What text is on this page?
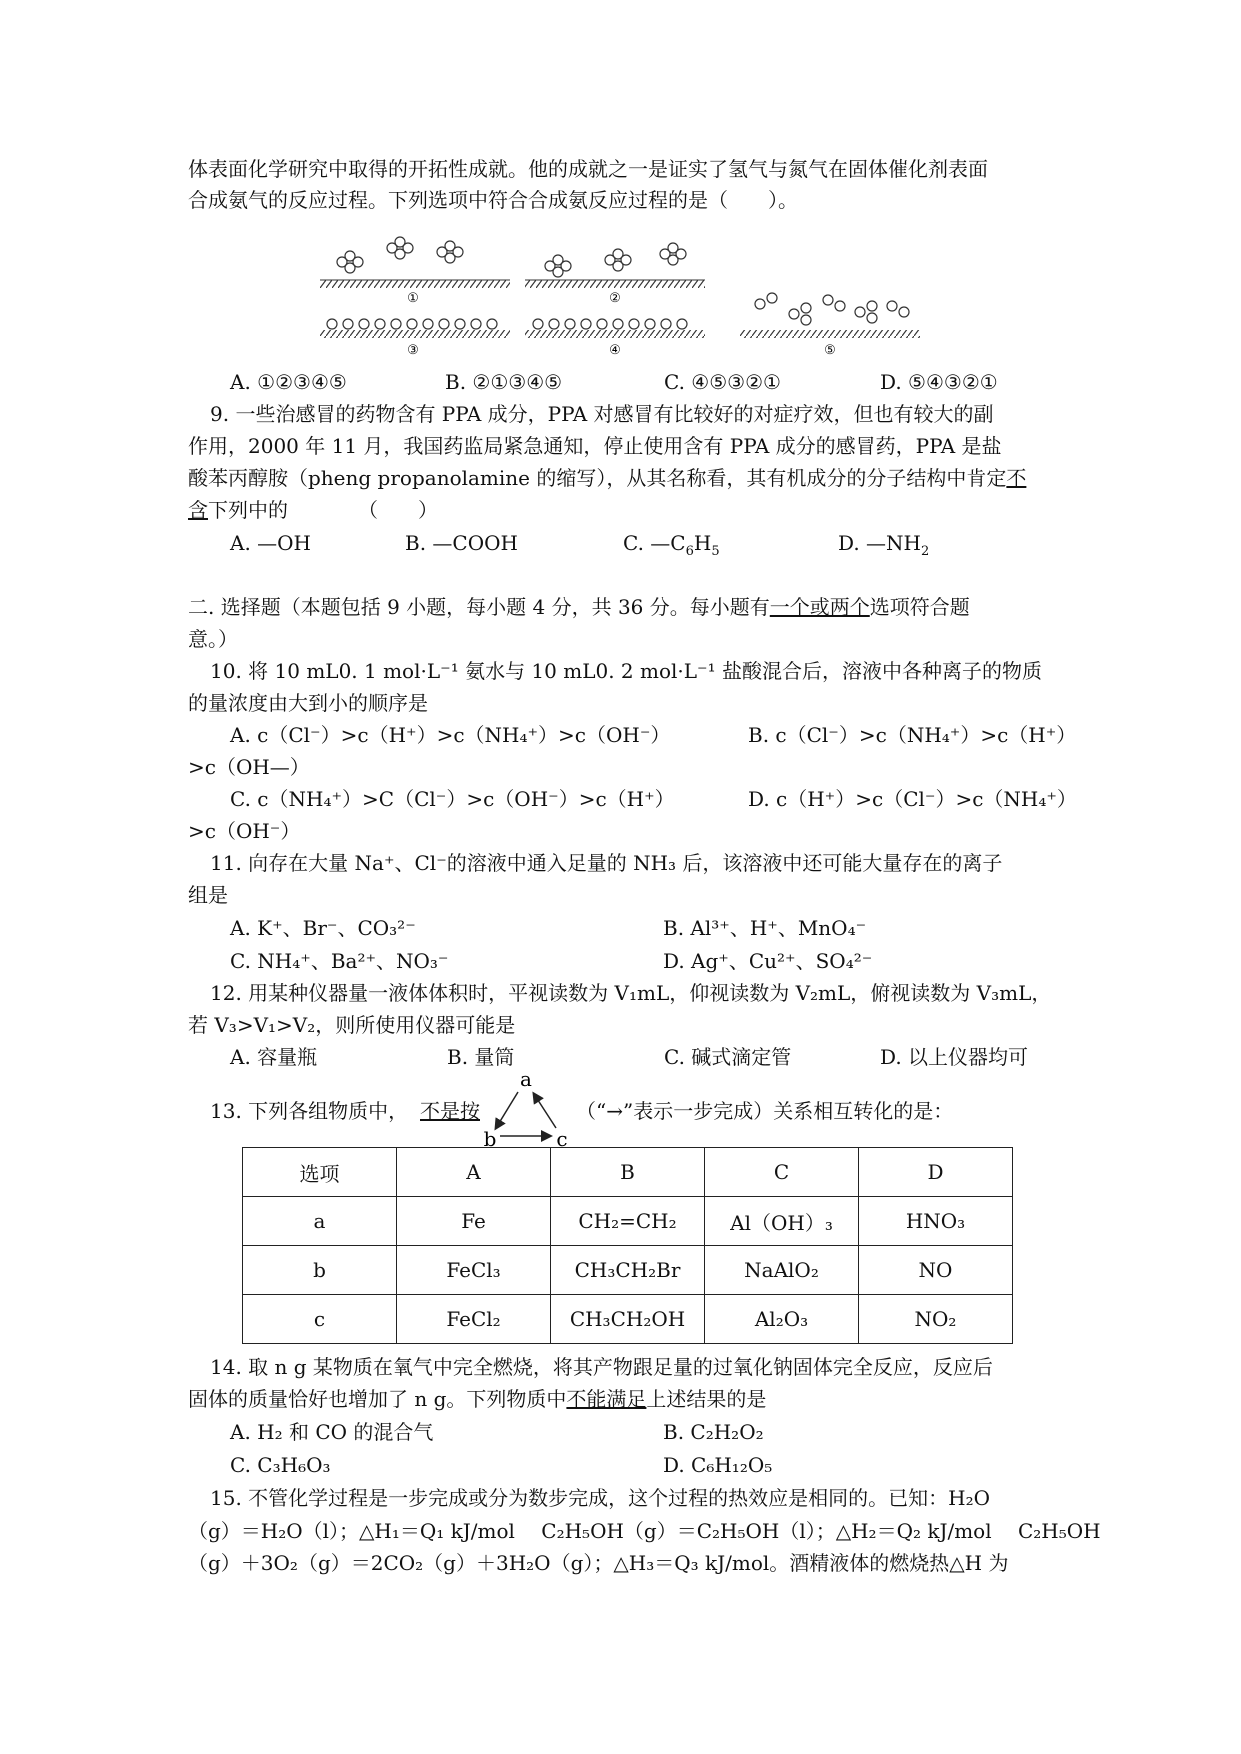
体表面化学研究中取得的开拓性成就。他的成就之一是证实了氢气与氮气在固体催化剂表面
合成氨气的反应过程。下列选项中符合合成氨反应过程的是（　　）。
①	②
③	④	⑤
A. ①②③④⑤	B. ②①③④⑤	C. ④⑤③②①	D. ⑤④③②①
9. 一些治感冒的药物含有 PPA 成分，PPA 对感冒有比较好的对症疗效，但也有较大的副
作用，2000 年 11 月，我国药监局紧急通知，停止使用含有 PPA 成分的感冒药，PPA 是盐
酸苯丙醇胺（pheng propanolamine 的缩写），从其名称看，其有机成分的分子结构中肯定不
含下列中的　　　　（　　）
A. —OH	B. —COOH	C. $—C_6H_5$	D. $—NH_2$
二. 选择题（本题包括 9 小题，每小题 4 分，共 36 分。每小题有一个或两个选项符合题
意。）
10. 将 10 mL0. 1 mol·L⁻¹ 氨水与 10 mL0. 2 mol·L⁻¹ 盐酸混合后，溶液中各种离子的物质
的量浓度由大到小的顺序是
A. c（Cl⁻）>c（H⁺）>c（NH₄⁺）>c（OH⁻）	B. c（Cl⁻）>c（NH₄⁺）>c（H⁺）
>c（OH—）
C. c（NH₄⁺）>C（Cl⁻）>c（OH⁻）>c（H⁺）	D. c（H⁺）>c（Cl⁻）>c（NH₄⁺）
>c（OH⁻）
11. 向存在大量 Na⁺、Cl⁻的溶液中通入足量的 NH₃ 后，该溶液中还可能大量存在的离子
组是
A. K⁺、Br⁻、CO₃²⁻	B. Al³⁺、H⁺、MnO₄⁻
C. NH₄⁺、Ba²⁺、NO₃⁻	D. Ag⁺、Cu²⁺、SO₄²⁻
12. 用某种仪器量一液体体积时，平视读数为 V₁mL，仰视读数为 V₂mL，俯视读数为 V₃mL，
若 V₃>V₁>V₂，则所使用仪器可能是
A. 容量瓶	B. 量筒	C. 碱式滴定管	D. 以上仪器均可
13. 下列各组物质中， 不是按
a
b	c
（“→”表示一步完成）关系相互转化的是：
选项	A	B	C	D
a	Fe	CH₂=CH₂	Al（OH）₃	HNO₃
b	FeCl₃	CH₃CH₂Br	NaAlO₂	NO
c	FeCl₂	CH₃CH₂OH	Al₂O₃	NO₂
14. 取 n g 某物质在氧气中完全燃烧，将其产物跟足量的过氧化钠固体完全反应，反应后
固体的质量恰好也增加了 n g。下列物质中不能满足上述结果的是
A. H₂ 和 CO 的混合气	B. C₂H₂O₂
C. C₃H₆O₃	D. C₆H₁₂O₅
15. 不管化学过程是一步完成或分为数步完成，这个过程的热效应是相同的。已知：H₂O
（g）＝H₂O（l）；△H₁＝Q₁ kJ/mol　 C₂H₅OH（g）＝C₂H₅OH（l）；△H₂＝Q₂ kJ/mol　 C₂H₅OH
（g）＋3O₂（g）＝2CO₂（g）＋3H₂O（g）；△H₃＝Q₃ kJ/mol。酒精液体的燃烧热△H 为
